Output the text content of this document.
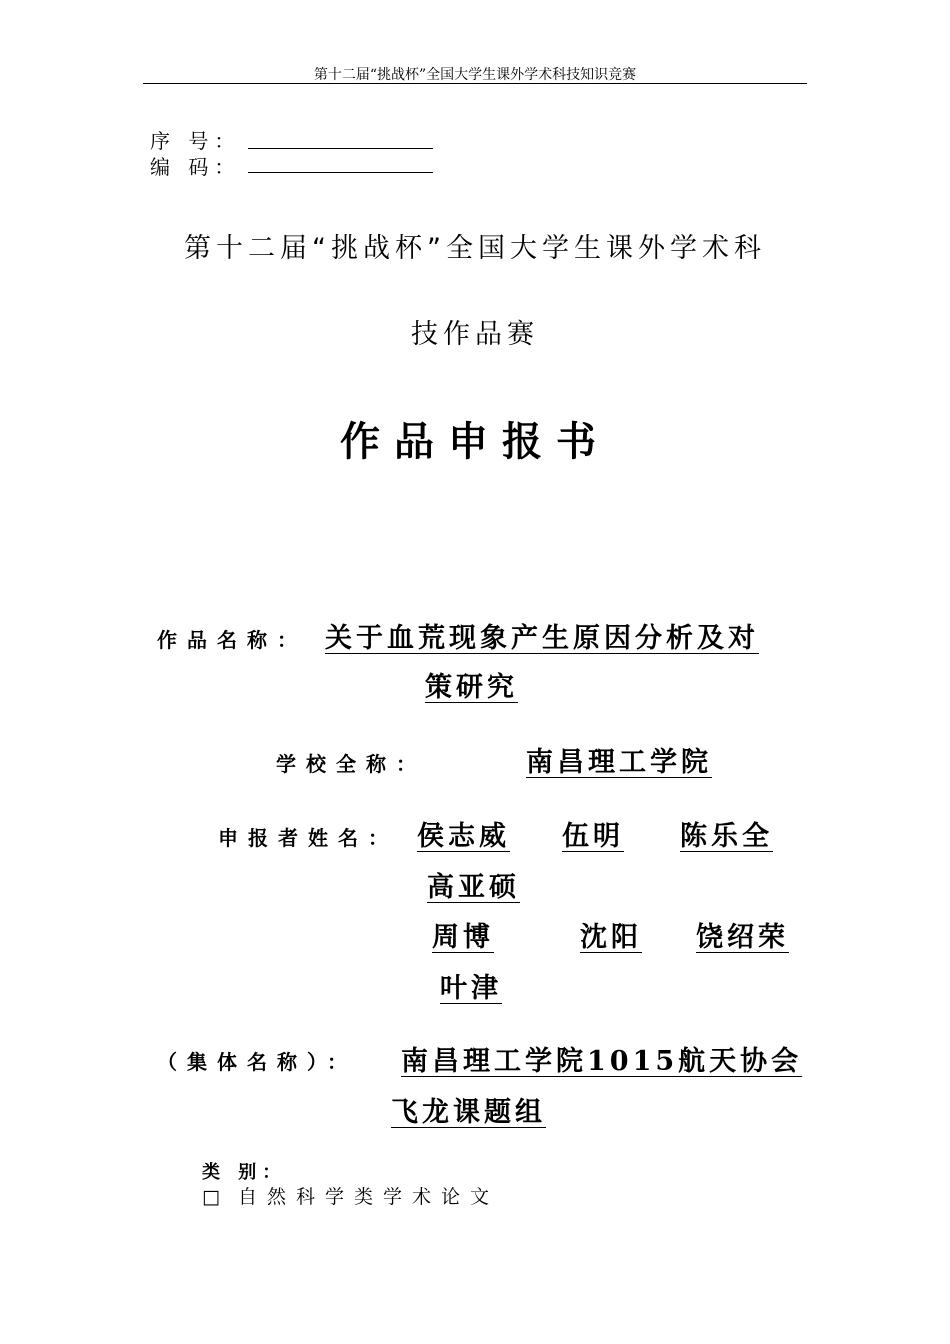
第十二届“挑战杯”全国大学生课外学术科技知识竞赛
序 号：
编 码：
第十二届“挑战杯”全国大学生课外学术科
技作品赛
作品申报书
作品名称： 关于血荒现象产生原因分析及对
策研究
学校全称：	南昌理工学院
申报者姓名： 侯志威 伍明 陈乐全
高亚硕
周博	沈阳 饶绍荣
叶津
（集体名称）：	南昌理工学院1015航天协会
飞龙课题组
类 别：
□ 自然科学类学术论文
